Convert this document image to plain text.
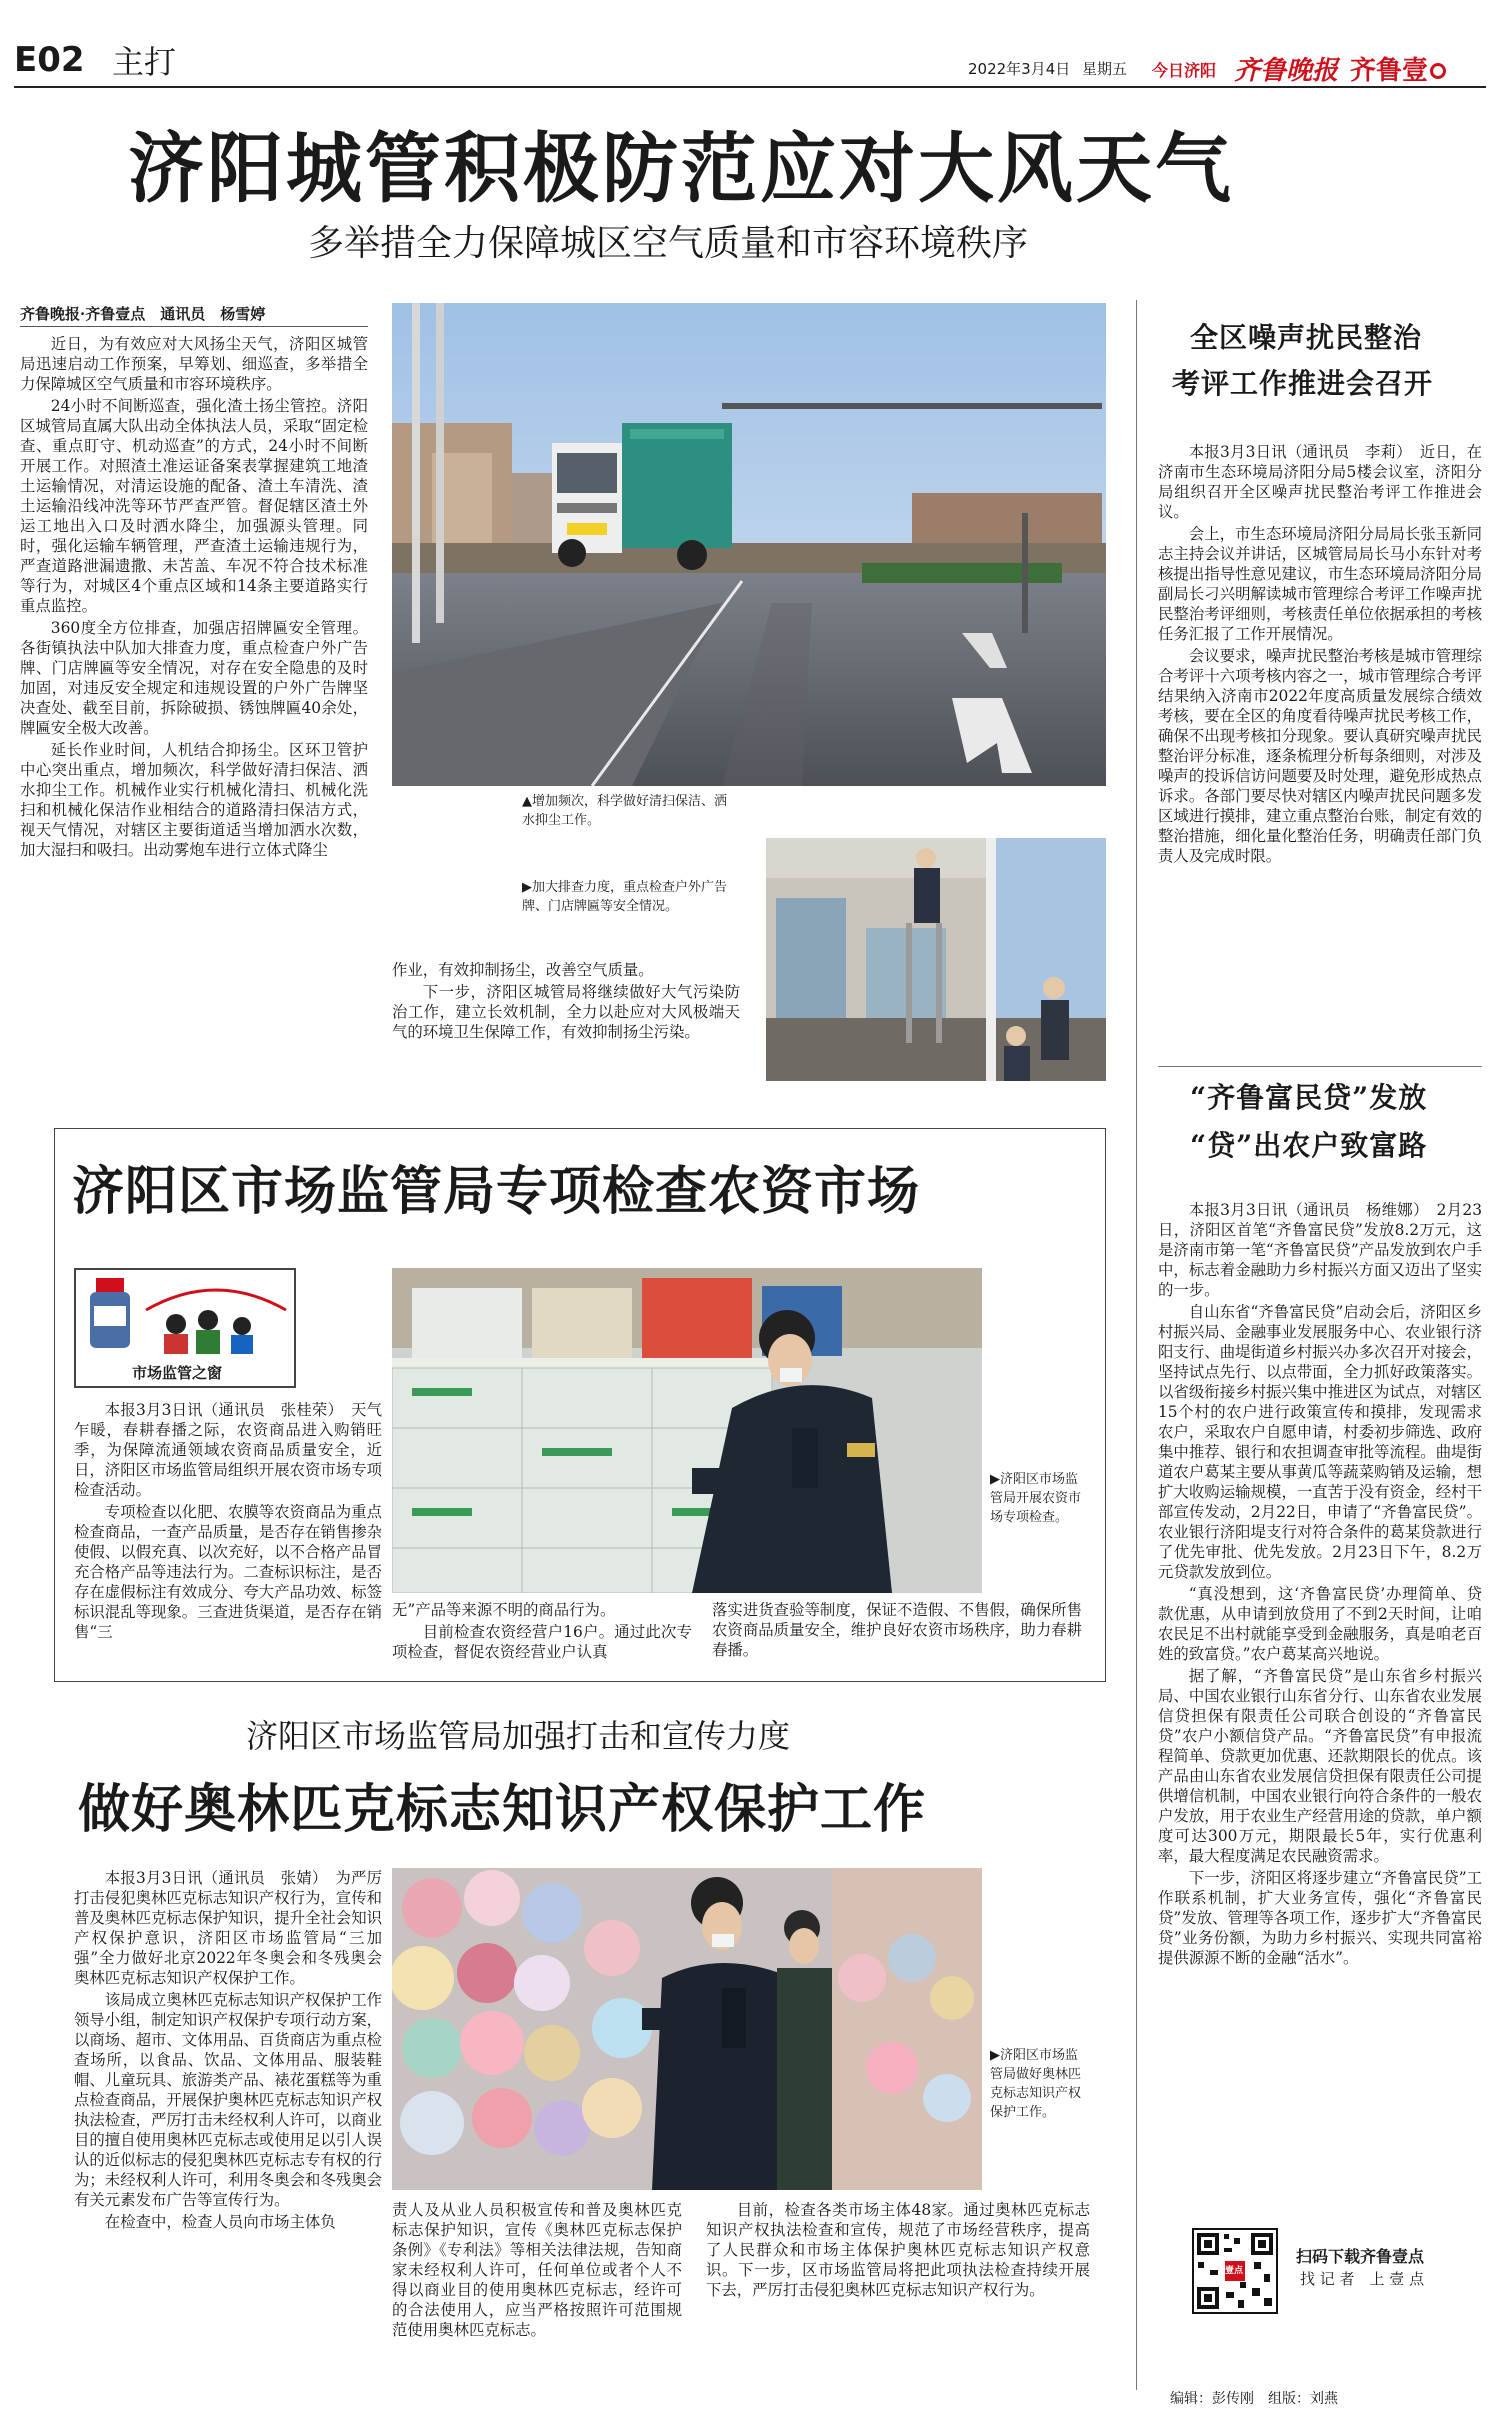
E02 主打	2022年3月4日 星期五 今日济阳 齐鲁晚报 齐鲁壹
济阳城管积极防范应对大风天气
多举措全力保障城区空气质量和市容环境秩序
齐鲁晚报·齐鲁壹点　通讯员　杨雪婷

近日，为有效应对大风扬尘天气，济阳区城管局迅速启动工作预案，早筹划、细巡查，多举措全力保障城区空气质量和市容环境秩序。

24小时不间断巡查，强化渣土扬尘管控。济阳区城管局直属大队出动全体执法人员，采取“固定检查、重点盯守、机动巡查”的方式，24小时不间断开展工作。对照渣土准运证备案表掌握建筑工地渣土运输情况，对清运设施的配备、渣土车清洗、渣土运输沿线冲洗等环节严查严管。督促辖区渣土外运工地出入口及时洒水降尘，加强源头管理。同时，强化运输车辆管理，严查渣土运输违规行为，严查道路泄漏遗撒、未苫盖、车况不符合技术标准等行为，对城区4个重点区域和14条主要道路实行重点监控。

360度全方位排查，加强店招牌匾安全管理。各街镇执法中队加大排查力度，重点检查户外广告牌、门店牌匾等安全情况，对存在安全隐患的及时加固，对违反安全规定和违规设置的户外广告牌坚决查处、截至目前，拆除破损、锈蚀牌匾40余处，牌匾安全极大改善。

延长作业时间，人机结合抑扬尘。区环卫管护中心突出重点，增加频次，科学做好清扫保洁、洒水抑尘工作。机械作业实行机械化清扫、机械化洗扫和机械化保洁作业相结合的道路清扫保洁方式，视天气情况，对辖区主要街道适当增加洒水次数，加大湿扫和吸扫。出动雾炮车进行立体式降尘

▲增加频次，科学做好清扫保洁、洒水抑尘工作。
▶加大排查力度，重点检查户外广告牌、门店牌匾等安全情况。

作业，有效抑制扬尘，改善空气质量。

下一步，济阳区城管局将继续做好大气污染防治工作，建立长效机制，全力以赴应对大风极端天气的环境卫生保障工作，有效抑制扬尘污染。

全区噪声扰民整治
考评工作推进会召开

本报3月3日讯（通讯员　李莉）　近日，在济南市生态环境局济阳分局5楼会议室，济阳分局组织召开全区噪声扰民整治考评工作推进会议。

会上，市生态环境局济阳分局局长张玉新同志主持会议并讲话，区城管局局长马小东针对考核提出指导性意见建议，市生态环境局济阳分局副局长刁兴明解读城市管理综合考评工作噪声扰民整治考评细则，考核责任单位依据承担的考核任务汇报了工作开展情况。

会议要求，噪声扰民整治考核是城市管理综合考评十六项考核内容之一，城市管理综合考评结果纳入济南市2022年度高质量发展综合绩效考核，要在全区的角度看待噪声扰民考核工作，确保不出现考核扣分现象。要认真研究噪声扰民整治评分标准，逐条梳理分析每条细则，对涉及噪声的投诉信访问题要及时处理，避免形成热点诉求。各部门要尽快对辖区内噪声扰民问题多发区域进行摸排，建立重点整治台账，制定有效的整治措施，细化量化整治任务，明确责任部门负责人及完成时限。

“齐鲁富民贷”发放
“贷”出农户致富路

本报3月3日讯（通讯员　杨维娜）　2月23日，济阳区首笔“齐鲁富民贷”发放8.2万元，这是济南市第一笔“齐鲁富民贷”产品发放到农户手中，标志着金融助力乡村振兴方面又迈出了坚实的一步。

自山东省“齐鲁富民贷”启动会后，济阳区乡村振兴局、金融事业发展服务中心、农业银行济阳支行、曲堤街道乡村振兴办多次召开对接会，坚持试点先行、以点带面，全力抓好政策落实。以省级衔接乡村振兴集中推进区为试点，对辖区15个村的农户进行政策宣传和摸排，发现需求农户，采取农户自愿申请，村委初步筛选、政府集中推荐、银行和农担调查审批等流程。曲堤街道农户葛某主要从事黄瓜等蔬菜购销及运输，想扩大收购运输规模，一直苦于没有资金，经村干部宣传发动，2月22日，申请了“齐鲁富民贷”。农业银行济阳堤支行对符合条件的葛某贷款进行了优先审批、优先发放。2月23日下午，8.2万元贷款发放到位。

“真没想到，这‘齐鲁富民贷’办理简单、贷款优惠，从申请到放贷用了不到2天时间，让咱农民足不出村就能享受到金融服务，真是咱老百姓的致富贷。”农户葛某高兴地说。

据了解，“齐鲁富民贷”是山东省乡村振兴局、中国农业银行山东省分行、山东省农业发展信贷担保有限责任公司联合创设的“齐鲁富民贷”农户小额信贷产品。“齐鲁富民贷”有申报流程简单、贷款更加优惠、还款期限长的优点。该产品由山东省农业发展信贷担保有限责任公司提供增信机制，中国农业银行向符合条件的一般农户发放，用于农业生产经营用途的贷款，单户额度可达300万元，期限最长5年，实行优惠利率，最大程度满足农民融资需求。

下一步，济阳区将逐步建立“齐鲁富民贷”工作联系机制，扩大业务宣传，强化“齐鲁富民贷”发放、管理等各项工作，逐步扩大“齐鲁富民贷”业务份额，为助力乡村振兴、实现共同富裕提供源源不断的金融“活水”。

壹点
扫码下载齐鲁壹点
找 记 者　上 壹 点
编辑：彭传刚　组版：刘燕
济阳区市场监管局专项检查农资市场
市场监管之窗

本报3月3日讯（通讯员　张桂荣）　天气乍暖，春耕春播之际，农资商品进入购销旺季，为保障流通领域农资商品质量安全，近日，济阳区市场监管局组织开展农资市场专项检查活动。

专项检查以化肥、农膜等农资商品为重点检查商品，一查产品质量，是否存在销售掺杂使假、以假充真、以次充好，以不合格产品冒充合格产品等违法行为。二查标识标注，是否存在虚假标注有效成分、夸大产品功效、标签标识混乱等现象。三查进货渠道，是否存在销售“三

▶济阳区市场监管局开展农资市场专项检查。

无”产品等来源不明的商品行为。

目前检查农资经营户16户。通过此次专项检查，督促农资经营业户认真

落实进货查验等制度，保证不造假、不售假，确保所售农资商品质量安全，维护良好农资市场秩序，助力春耕春播。

济阳区市场监管局加强打击和宣传力度
做好奥林匹克标志知识产权保护工作

本报3月3日讯（通讯员　张婧）　为严厉打击侵犯奥林匹克标志知识产权行为，宣传和普及奥林匹克标志保护知识，提升全社会知识产权保护意识，济阳区市场监管局“三加强”全力做好北京2022年冬奥会和冬残奥会奥林匹克标志知识产权保护工作。

该局成立奥林匹克标志知识产权保护工作领导小组，制定知识产权保护专项行动方案，以商场、超市、文体用品、百货商店为重点检查场所，以食品、饮品、文体用品、服装鞋帽、儿童玩具、旅游类产品、裱花蛋糕等为重点检查商品，开展保护奥林匹克标志知识产权执法检查，严厉打击未经权利人许可，以商业目的擅自使用奥林匹克标志或使用足以引人误认的近似标志的侵犯奥林匹克标志专有权的行为；未经权利人许可，利用冬奥会和冬残奥会有关元素发布广告等宣传行为。

在检查中，检查人员向市场主体负

▶济阳区市场监管局做好奥林匹克标志知识产权保护工作。

责人及从业人员积极宣传和普及奥林匹克标志保护知识，宣传《奥林匹克标志保护条例》《专利法》等相关法律法规，告知商家未经权利人许可，任何单位或者个人不得以商业目的使用奥林匹克标志，经许可的合法使用人，应当严格按照许可范围规范使用奥林匹克标志。

目前，检查各类市场主体48家。通过奥林匹克标志知识产权执法检查和宣传，规范了市场经营秩序，提高了人民群众和市场主体保护奥林匹克标志知识产权意识。下一步，区市场监管局将把此项执法检查持续开展下去，严厉打击侵犯奥林匹克标志知识产权行为。
